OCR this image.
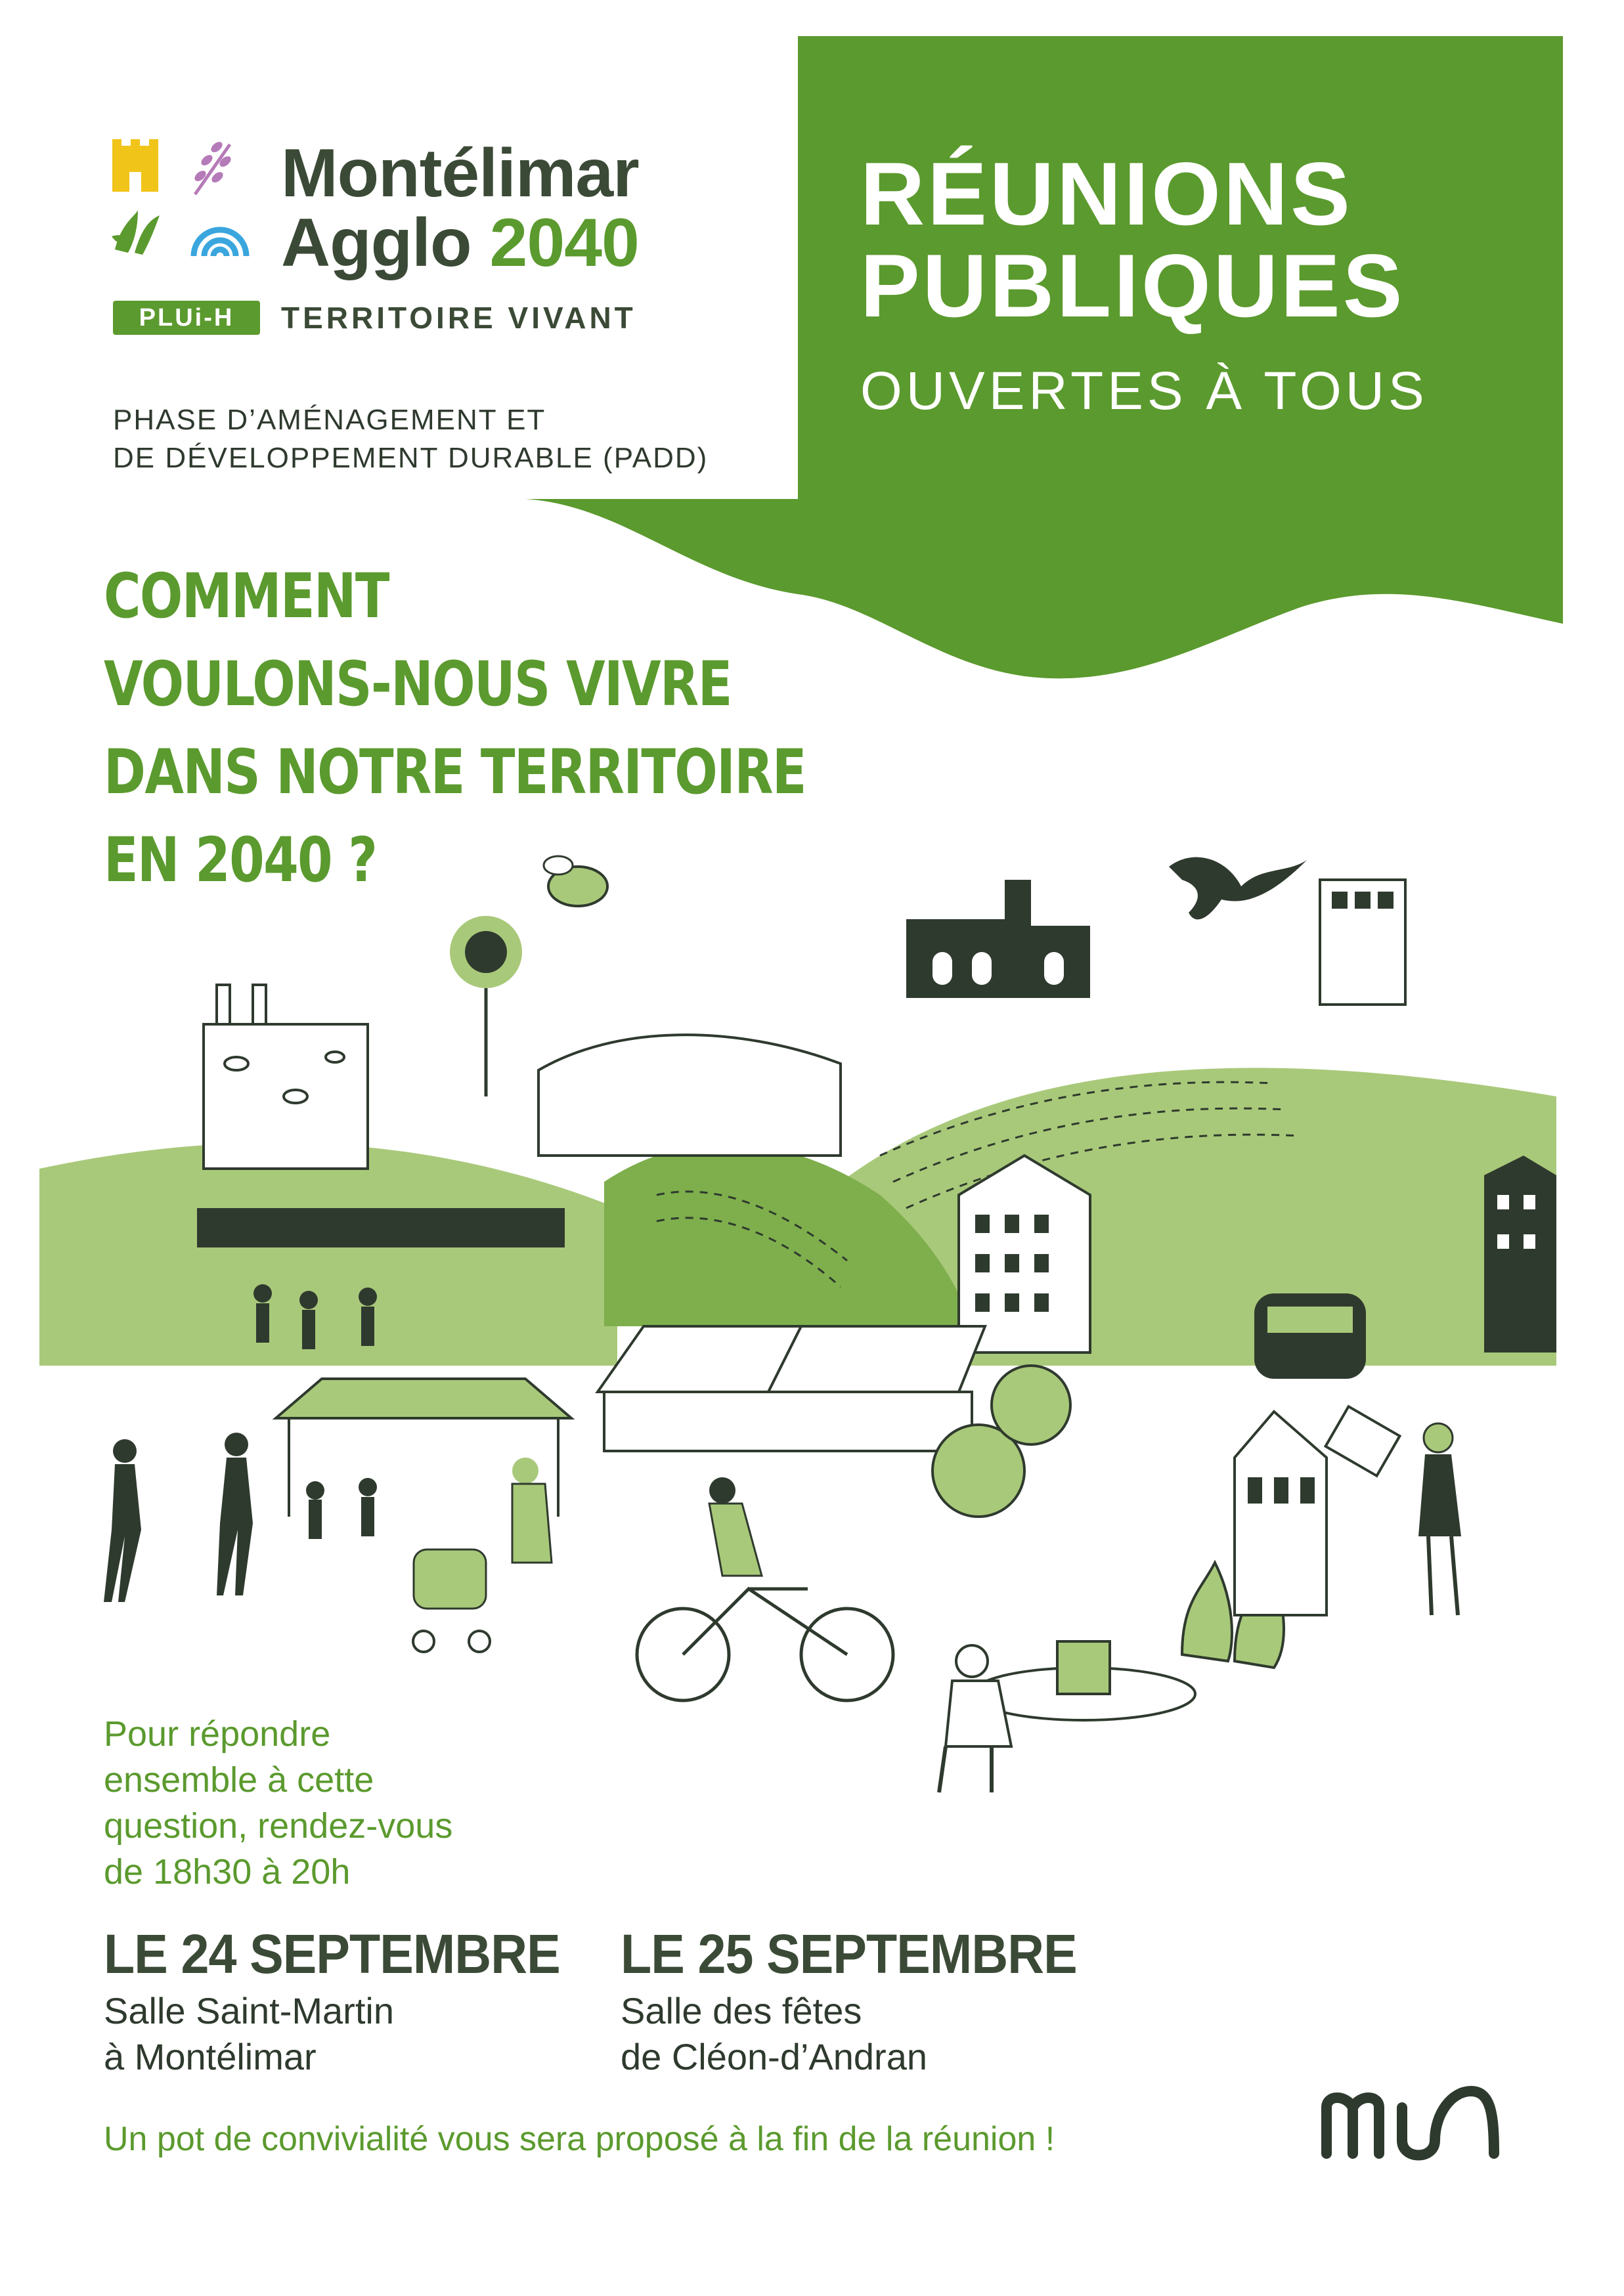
Montélimar
Agglo 2040
PLUi-H	TERRITOIRE VIVANT
PHASE D’AMÉNAGEMENT ET
DE DÉVELOPPEMENT DURABLE (PADD)
RÉUNIONS
PUBLIQUES
OUVERTES À TOUS
COMMENT
VOULONS-NOUS VIVRE
DANS NOTRE TERRITOIRE
EN 2040 ?
Pour répondre
ensemble à cette
question, rendez-vous
de 18h30 à 20h
LE 24 SEPTEMBRE
Salle Saint-Martin
à Montélimar
LE 25 SEPTEMBRE
Salle des fêtes
de Cléon-d’Andran
Un pot de convivialité vous sera proposé à la fin de la réunion !
